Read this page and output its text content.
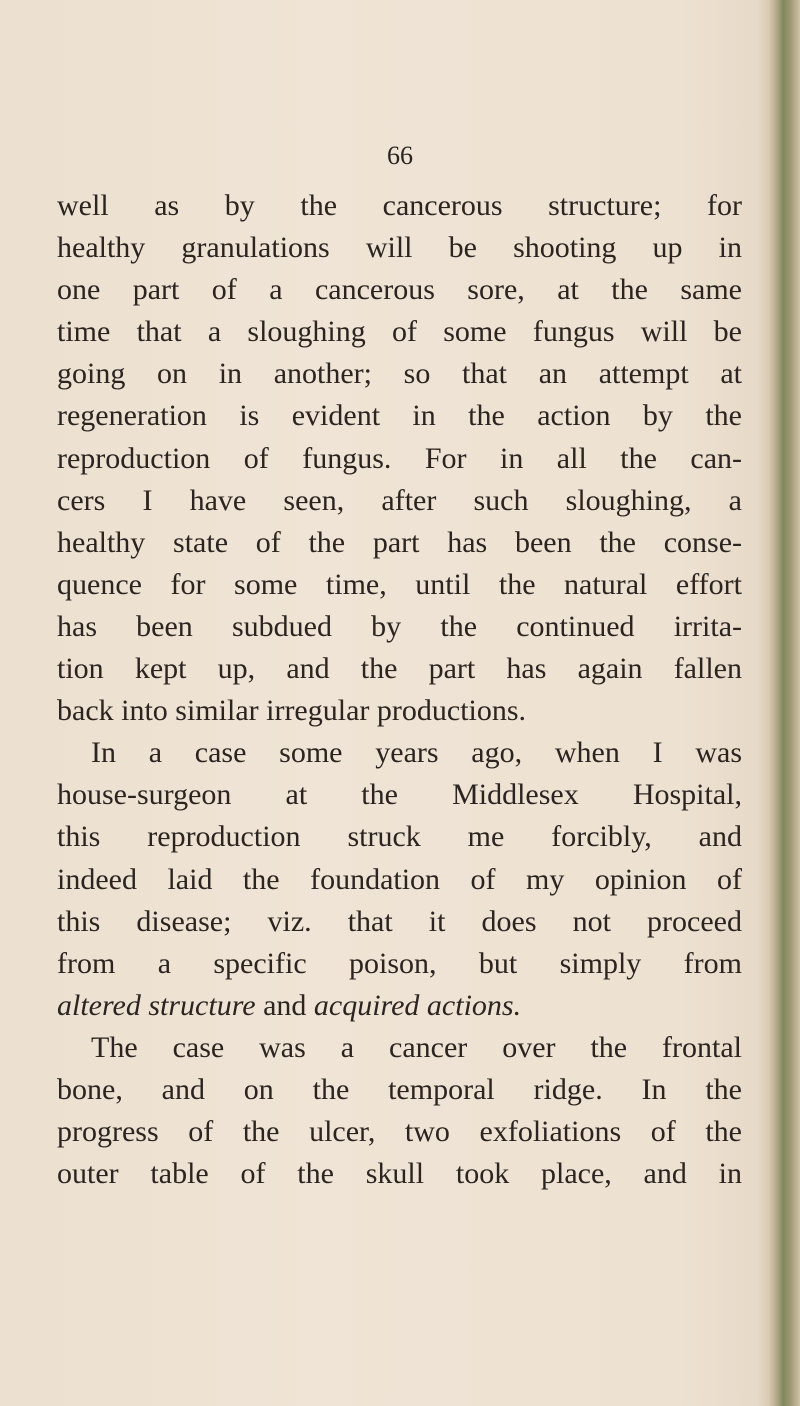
66
well as by the cancerous structure; for
healthy granulations will be shooting up in
one part of a cancerous sore, at the same
time that a sloughing of some fungus will be
going on in another; so that an attempt at
regeneration is evident in the action by the
reproduction of fungus. For in all the can-
cers I have seen, after such sloughing, a
healthy state of the part has been the conse-
quence for some time, until the natural effort
has been subdued by the continued irrita-
tion kept up, and the part has again fallen
back into similar irregular productions.
In a case some years ago, when I was
house-surgeon at the Middlesex Hospital,
this reproduction struck me forcibly, and
indeed laid the foundation of my opinion of
this disease; viz. that it does not proceed
from a specific poison, but simply from
altered structure and acquired actions.
The case was a cancer over the frontal
bone, and on the temporal ridge. In the
progress of the ulcer, two exfoliations of the
outer table of the skull took place, and in
